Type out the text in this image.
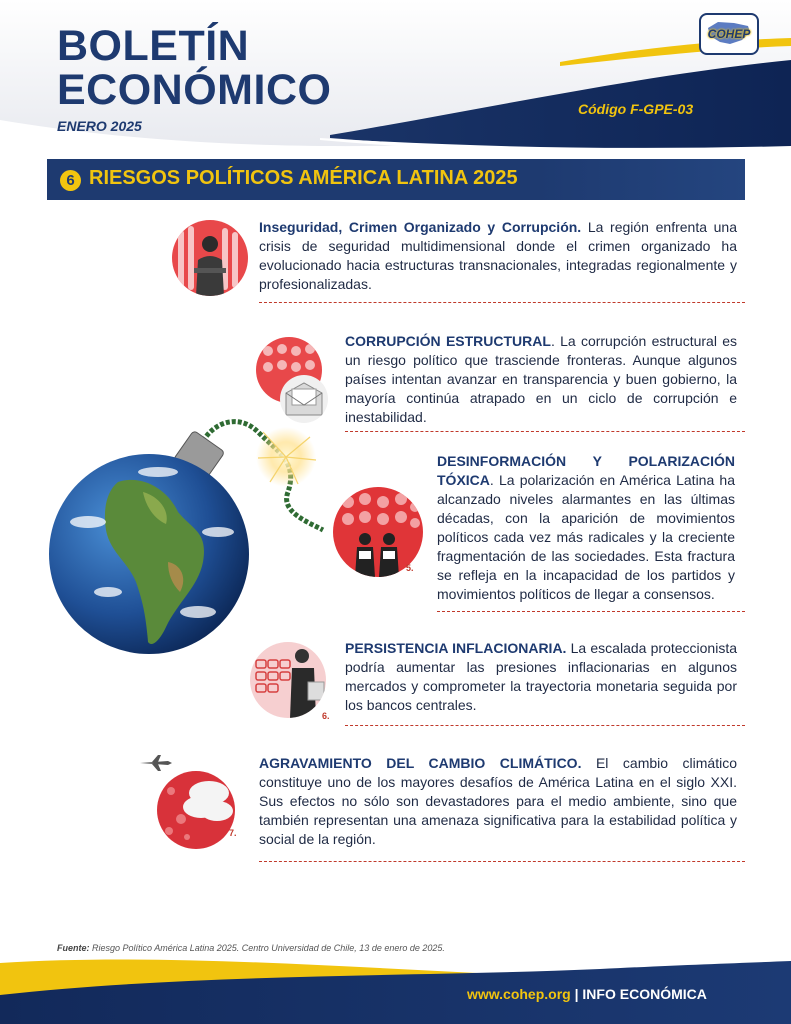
BOLETÍN
ECONÓMICO
ENERO 2025
Código F-GPE-03
COHEP
6 RIESGOS POLÍTICOS AMÉRICA LATINA 2025
Inseguridad, Crimen Organizado y Corrupción. La región enfrenta una crisis de seguridad multidimensional donde el crimen organizado ha evolucionado hacia estructuras transnacionales, integradas regionalmente y profesionalizadas.
CORRUPCIÓN ESTRUCTURAL. La corrupción estructural es un riesgo político que trasciende fronteras. Aunque algunos países intentan avanzar en transparencia y buen gobierno, la mayoría continúa atrapado en un ciclo de corrupción e inestabilidad.
5.
DESINFORMACIÓN Y POLARIZACIÓN TÓXICA. La polarización en América Latina ha alcanzado niveles alarmantes en las últimas décadas, con la aparición de movimientos políticos cada vez más radicales y la creciente fragmentación de las sociedades. Esta fractura se refleja en la incapacidad de los partidos y movimientos políticos de llegar a consensos.
6.
PERSISTENCIA INFLACIONARIA. La escalada proteccionista podría aumentar las presiones inflacionarias en algunos mercados y comprometer la trayectoria monetaria seguida por los bancos centrales.
7.
AGRAVAMIENTO DEL CAMBIO CLIMÁTICO. El cambio climático constituye uno de los mayores desafíos de América Latina en el siglo XXI. Sus efectos no sólo son devastadores para el medio ambiente, sino que también representan una amenaza significativa para la estabilidad política y social de la región.
Fuente: Riesgo Político América Latina 2025. Centro Universidad de Chile, 13 de enero de 2025.
www.cohep.org | INFO ECONÓMICA
